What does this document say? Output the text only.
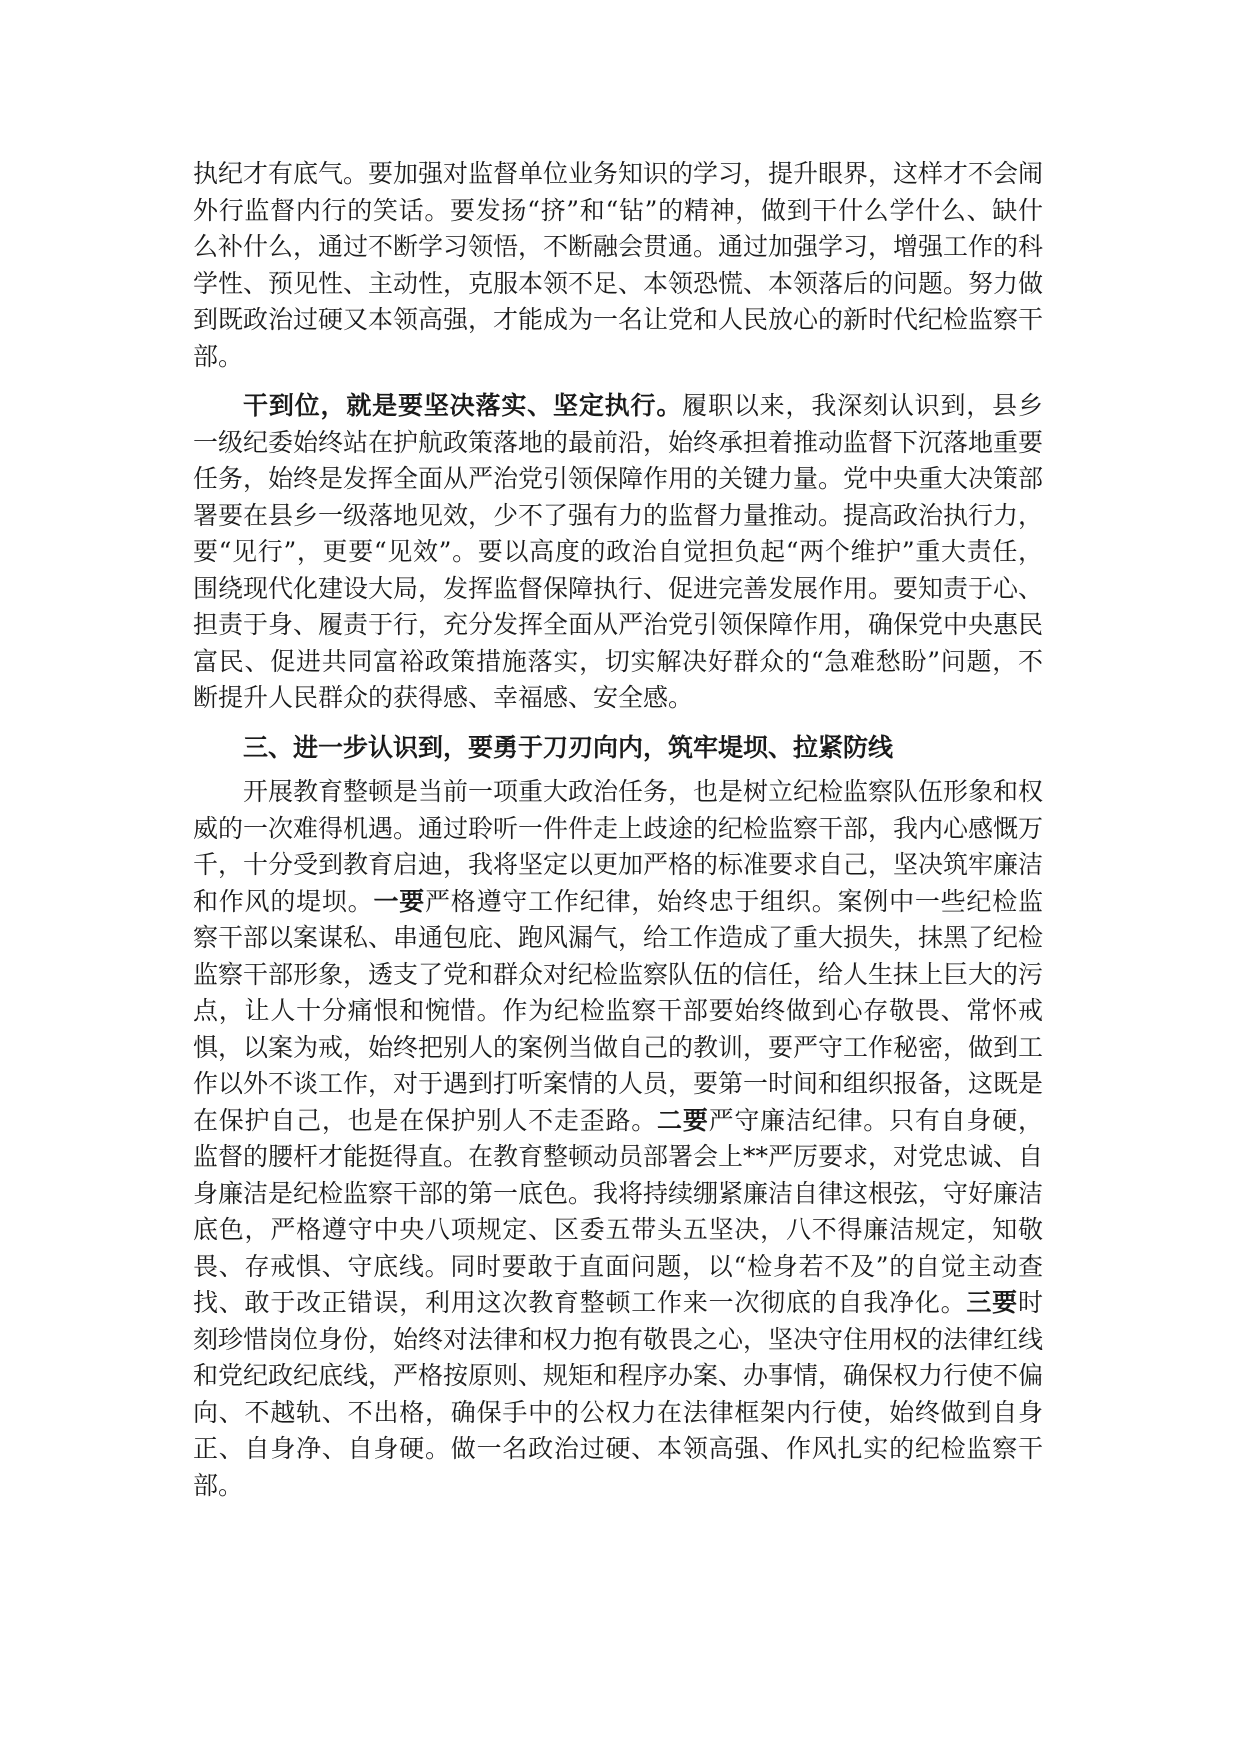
执纪才有底气。要加强对监督单位业务知识的学习，提升眼界，这样才不会闹外行监督内行的笑话。要发扬“挤”和“钻”的精神，做到干什么学什么、缺什么补什么，通过不断学习领悟，不断融会贯通。通过加强学习，增强工作的科学性、预见性、主动性，克服本领不足、本领恐慌、本领落后的问题。努力做到既政治过硬又本领高强，才能成为一名让党和人民放心的新时代纪检监察干部。

干到位，就是要坚决落实、坚定执行。履职以来，我深刻认识到，县乡一级纪委始终站在护航政策落地的最前沿，始终承担着推动监督下沉落地重要任务，始终是发挥全面从严治党引领保障作用的关键力量。党中央重大决策部署要在县乡一级落地见效，少不了强有力的监督力量推动。提高政治执行力，要“见行”，更要“见效”。要以高度的政治自觉担负起“两个维护”重大责任，围绕现代化建设大局，发挥监督保障执行、促进完善发展作用。要知责于心、担责于身、履责于行，充分发挥全面从严治党引领保障作用，确保党中央惠民富民、促进共同富裕政策措施落实，切实解决好群众的“急难愁盼”问题，不断提升人民群众的获得感、幸福感、安全感。

三、进一步认识到，要勇于刀刃向内，筑牢堤坝、拉紧防线

开展教育整顿是当前一项重大政治任务，也是树立纪检监察队伍形象和权威的一次难得机遇。通过聆听一件件走上歧途的纪检监察干部，我内心感慨万千，十分受到教育启迪，我将坚定以更加严格的标准要求自己，坚决筑牢廉洁和作风的堤坝。一要严格遵守工作纪律，始终忠于组织。案例中一些纪检监察干部以案谋私、串通包庇、跑风漏气，给工作造成了重大损失，抹黑了纪检监察干部形象，透支了党和群众对纪检监察队伍的信任，给人生抹上巨大的污点，让人十分痛恨和惋惜。作为纪检监察干部要始终做到心存敬畏、常怀戒惧，以案为戒，始终把别人的案例当做自己的教训，要严守工作秘密，做到工作以外不谈工作，对于遇到打听案情的人员，要第一时间和组织报备，这既是在保护自己，也是在保护别人不走歪路。二要严守廉洁纪律。只有自身硬，监督的腰杆才能挺得直。在教育整顿动员部署会上**严厉要求，对党忠诚、自身廉洁是纪检监察干部的第一底色。我将持续绷紧廉洁自律这根弦，守好廉洁底色，严格遵守中央八项规定、区委五带头五坚决，八不得廉洁规定，知敬畏、存戒惧、守底线。同时要敢于直面问题，以“检身若不及”的自觉主动查找、敢于改正错误，利用这次教育整顿工作来一次彻底的自我净化。三要时刻珍惜岗位身份，始终对法律和权力抱有敬畏之心，坚决守住用权的法律红线和党纪政纪底线，严格按原则、规矩和程序办案、办事情，确保权力行使不偏向、不越轨、不出格，确保手中的公权力在法律框架内行使，始终做到自身正、自身净、自身硬。做一名政治过硬、本领高强、作风扎实的纪检监察干部。
